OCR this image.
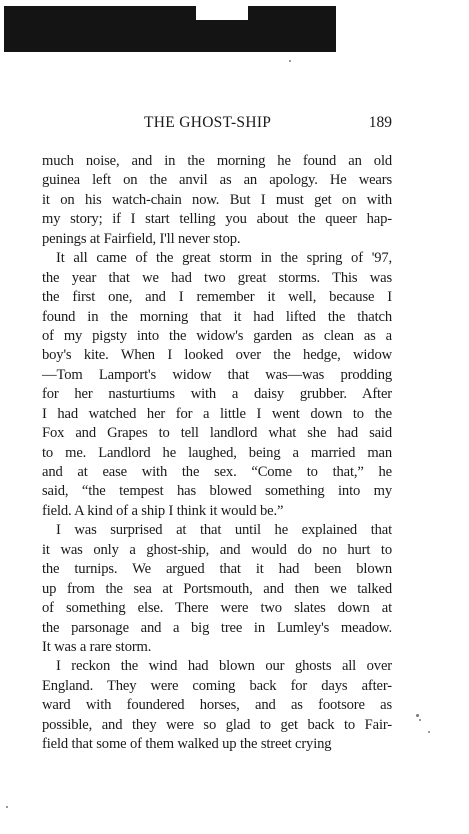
THE GHOST-SHIP	189
much noise, and in the morning he found an old
guinea left on the anvil as an apology. He wears
it on his watch-chain now. But I must get on with
my story; if I start telling you about the queer hap-
penings at Fairfield, I'll never stop.
It all came of the great storm in the spring of '97,
the year that we had two great storms. This was
the first one, and I remember it well, because I
found in the morning that it had lifted the thatch
of my pigsty into the widow's garden as clean as a
boy's kite. When I looked over the hedge, widow
—Tom Lamport's widow that was—was prodding
for her nasturtiums with a daisy grubber. After
I had watched her for a little I went down to the
Fox and Grapes to tell landlord what she had said
to me. Landlord he laughed, being a married man
and at ease with the sex. “Come to that,” he
said, “the tempest has blowed something into my
field. A kind of a ship I think it would be.”
I was surprised at that until he explained that
it was only a ghost-ship, and would do no hurt to
the turnips. We argued that it had been blown
up from the sea at Portsmouth, and then we talked
of something else. There were two slates down at
the parsonage and a big tree in Lumley's meadow.
It was a rare storm.
I reckon the wind had blown our ghosts all over
England. They were coming back for days after-
ward with foundered horses, and as footsore as
possible, and they were so glad to get back to Fair-
field that some of them walked up the street crying
